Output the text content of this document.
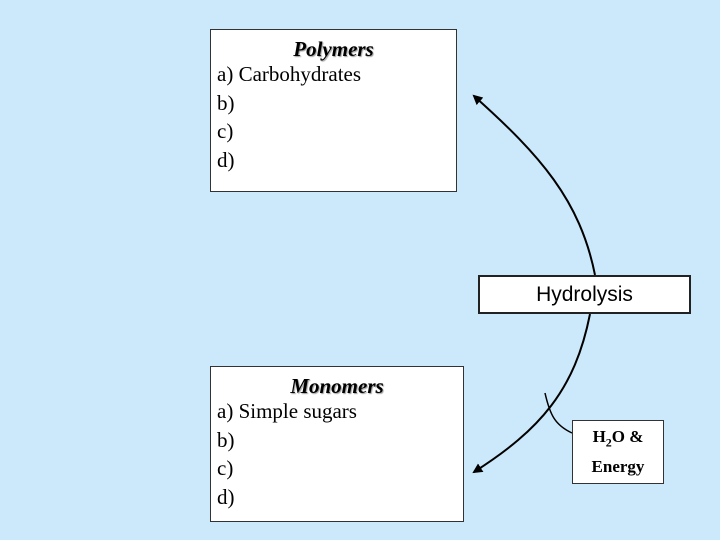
Polymers
a) Carbohydrates
b)
c)
d)
Monomers
a) Simple sugars
b)
c)
d)
Hydrolysis
$H_2O$ &
Energy
